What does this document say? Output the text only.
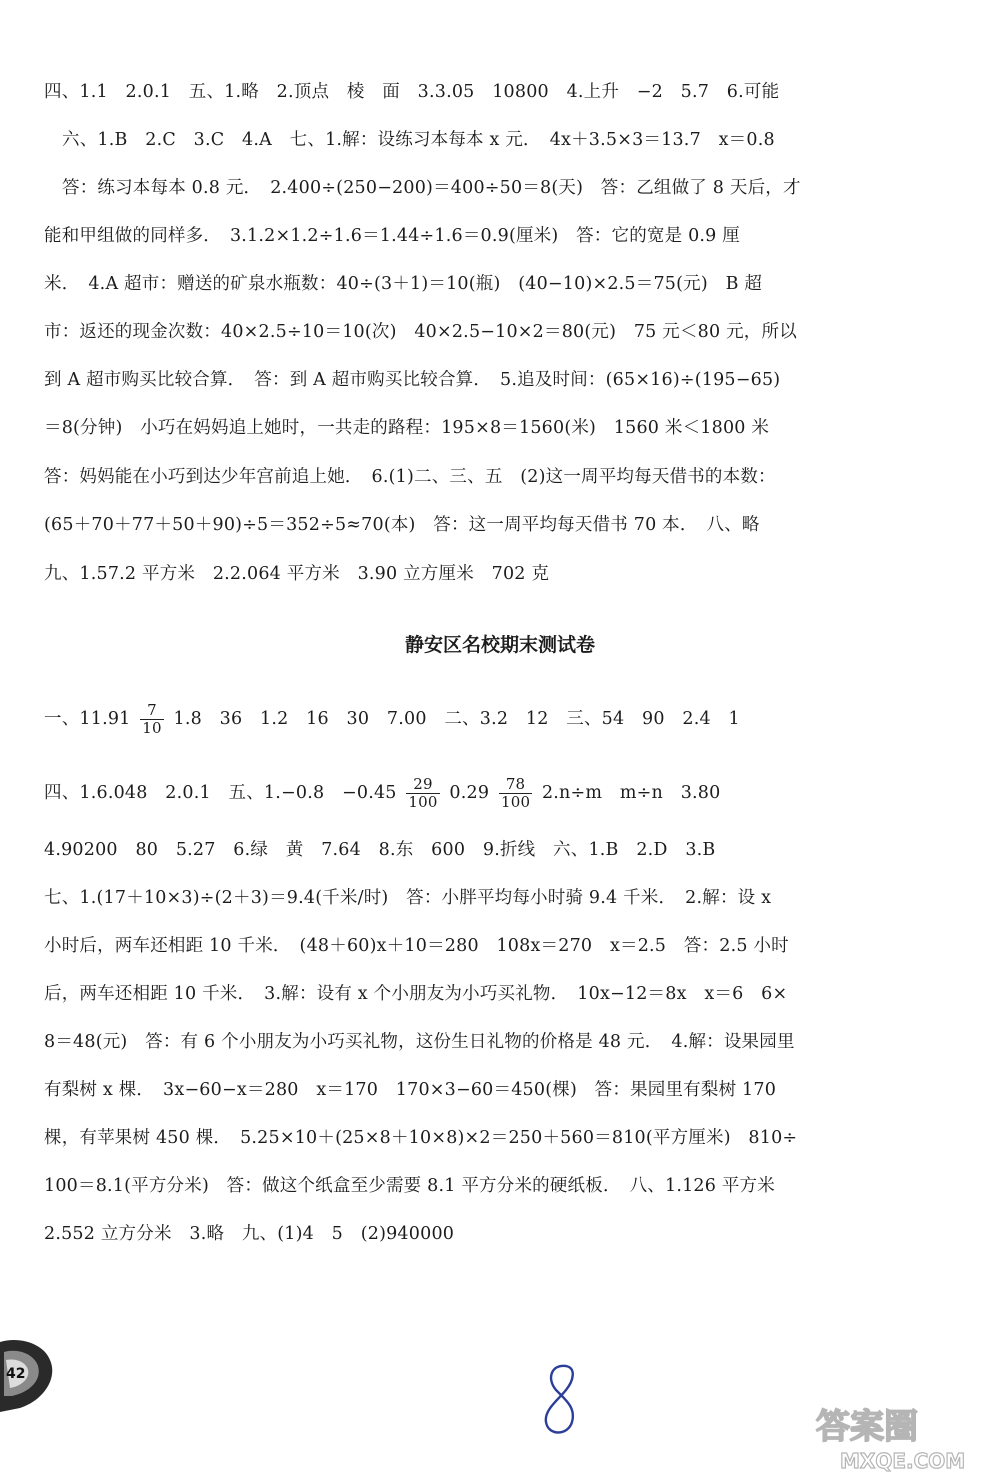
四、1.1　2.0.1　五、1.略　2.顶点　棱　面　3.3.05　10800　4.上升　−2　5.7　6.可能
六、1.B　2.C　3.C　4.A　七、1.解：设练习本每本 x 元．　4x＋3.5×3＝13.7　x＝0.8
答：练习本每本 0.8 元．　2.400÷(250−200)＝400÷50＝8(天)　答：乙组做了 8 天后，才
能和甲组做的同样多．　3.1.2×1.2÷1.6＝1.44÷1.6＝0.9(厘米)　答：它的宽是 0.9 厘
米．　4.A 超市：赠送的矿泉水瓶数：40÷(3＋1)＝10(瓶)　(40−10)×2.5＝75(元)　B 超
市：返还的现金次数：40×2.5÷10＝10(次)　40×2.5−10×2＝80(元)　75 元＜80 元，所以
到 A 超市购买比较合算．　答：到 A 超市购买比较合算．　5.追及时间：(65×16)÷(195−65)
＝8(分钟)　小巧在妈妈追上她时，一共走的路程：195×8＝1560(米)　1560 米＜1800 米
答：妈妈能在小巧到达少年宫前追上她．　6.(1)二、三、五　(2)这一周平均每天借书的本数：
(65＋70＋77＋50＋90)÷5＝352÷5≈70(本)　答：这一周平均每天借书 70 本．　八、略
九、1.57.2 平方米　2.2.064 平方米　3.90 立方厘米　702 克
静安区名校期末测试卷
一、$11.91 \frac{7}{10} 1.8$　36　1.2　16　30　7.00　二、3.2　12　三、54　90　2.4　1
四、1.6.048　2.0.1　五、1.−0.8　$-0.45 \frac{29}{100} 0.29 \frac{78}{100} 2.n\div m$　m÷n　3.80
4.90200　80　5.27　6.绿　黄　7.64　8.东　600　9.折线　六、1.B　2.D　3.B
七、1.(17＋10×3)÷(2＋3)＝9.4(千米/时)　答：小胖平均每小时骑 9.4 千米．　2.解：设 x
小时后，两车还相距 10 千米．　(48＋60)x＋10＝280　108x＝270　x＝2.5　答：2.5 小时
后，两车还相距 10 千米．　3.解：设有 x 个小朋友为小巧买礼物．　10x−12＝8x　x＝6　6×
8＝48(元)　答：有 6 个小朋友为小巧买礼物，这份生日礼物的价格是 48 元．　4.解：设果园里
有梨树 x 棵．　3x−60−x＝280　x＝170　170×3−60＝450(棵)　答：果园里有梨树 170
棵，有苹果树 450 棵．　5.25×10＋(25×8＋10×8)×2＝250＋560＝810(平方厘米)　810÷
100＝8.1(平方分米)　答：做这个纸盒至少需要 8.1 平方分米的硬纸板．　八、1.126 平方米
2.552 立方分米　3.略　九、(1)4　5　(2)940000
42
答案圈
MXQE.COM
